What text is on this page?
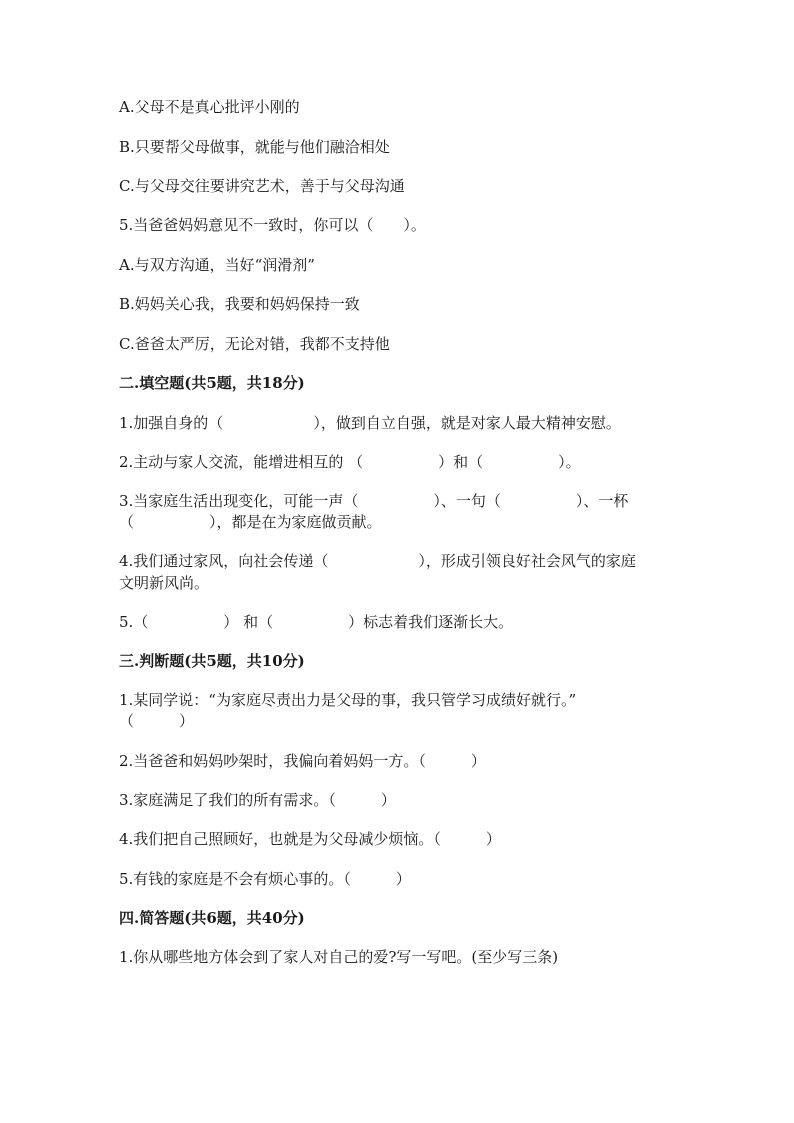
A.父母不是真心批评小刚的
B.只要帮父母做事，就能与他们融洽相处
C.与父母交往要讲究艺术，善于与父母沟通
5.当爸爸妈妈意见不一致时，你可以（　　）。
A.与双方沟通，当好“润滑剂”
B.妈妈关心我，我要和妈妈保持一致
C.爸爸太严厉，无论对错，我都不支持他
二.填空题(共5题，共18分)
1.加强自身的（　　　　　　），做到自立自强，就是对家人最大精神安慰。
2.主动与家人交流，能增进相互的 （　　　　　）和（　　　　　）。
3.当家庭生活出现变化，可能一声（　　　　　）、一句（　　　　　）、一杯
（　　　　　），都是在为家庭做贡献。
4.我们通过家风，向社会传递（　　　　　　），形成引领良好社会风气的家庭
文明新风尚。
5.（　　　　　） 和（　　　　　）标志着我们逐渐长大。
三.判断题(共5题，共10分)
1.某同学说：“为家庭尽责出力是父母的事，我只管学习成绩好就行。”
（　　　）
2.当爸爸和妈妈吵架时，我偏向着妈妈一方。（　　　）
3.家庭满足了我们的所有需求。（　　　）
4.我们把自己照顾好，也就是为父母减少烦恼。（　　　）
5.有钱的家庭是不会有烦心事的。（　　　）
四.简答题(共6题，共40分)
1.你从哪些地方体会到了家人对自己的爱?写一写吧。(至少写三条)
